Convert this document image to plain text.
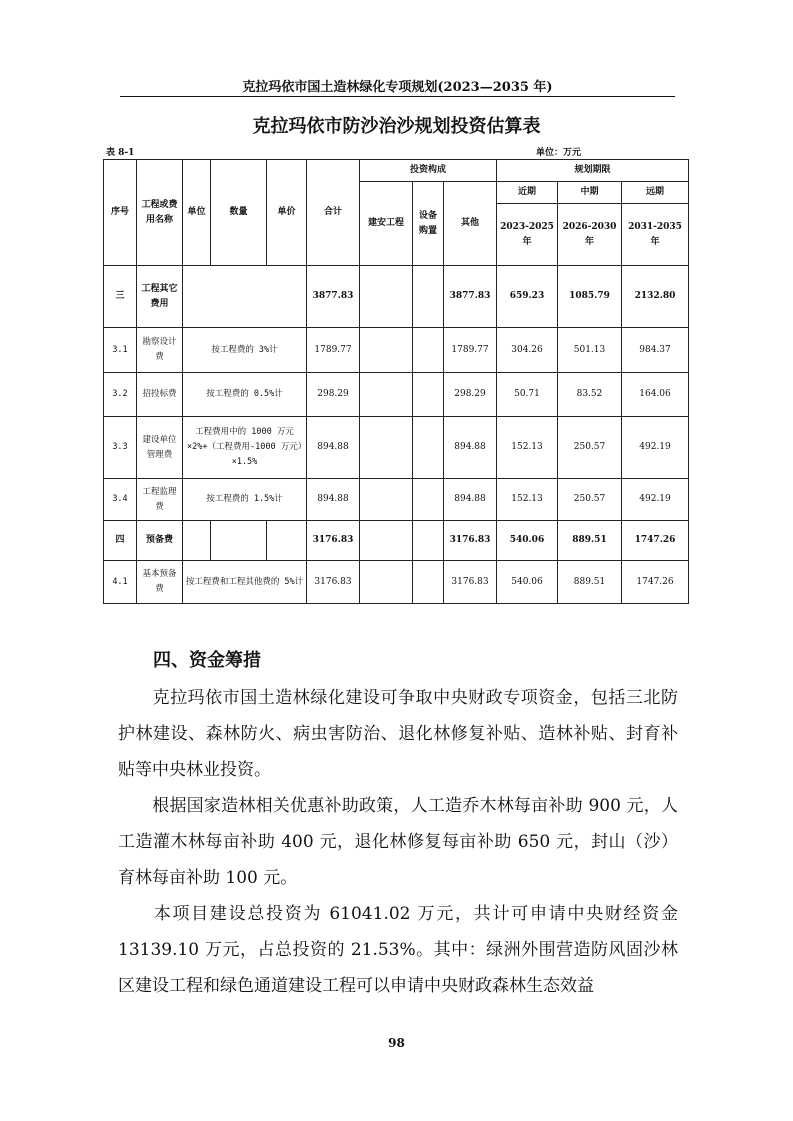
克拉玛依市国土造林绿化专项规划(2023—2035 年)
克拉玛依市防沙治沙规划投资估算表
表 8-1	单位：万元
序号	工程或费用名称	单位	数量	单价	合计	投资构成			规划期限		
						建安工程	设备购置	其他	近期	中期	远期
									2023-2025年	2026-2030年	2031-2035年
三	工程其它费用				3877.83			3877.83	659.23	1085.79	2132.80
3.1	勘察设计费	按工程费的 3%计			1789.77			1789.77	304.26	501.13	984.37
3.2	招投标费	按工程费的 0.5%计			298.29			298.29	50.71	83.52	164.06
3.3	建设单位管理费	工程费用中的 1000 万元×2%+（工程费用-1000 万元）×1.5%			894.88			894.88	152.13	250.57	492.19
3.4	工程监理费	按工程费的 1.5%计			894.88			894.88	152.13	250.57	492.19
四	预备费				3176.83			3176.83	540.06	889.51	1747.26
4.1	基本预备费	按工程费和工程其他费的 5%计			3176.83			3176.83	540.06	889.51	1747.26
四、资金筹措
克拉玛依市国土造林绿化建设可争取中央财政专项资金，包括三北防护林建设、森林防火、病虫害防治、退化林修复补贴、造林补贴、封育补贴等中央林业投资。
根据国家造林相关优惠补助政策，人工造乔木林每亩补助 900 元，人工造灌木林每亩补助 400 元，退化林修复每亩补助 650 元，封山（沙）育林每亩补助 100 元。
本项目建设总投资为 61041.02 万元，共计可申请中央财经资金 13139.10 万元，占总投资的 21.53%。其中：绿洲外围营造防风固沙林区建设工程和绿色通道建设工程可以申请中央财政森林生态效益
98
